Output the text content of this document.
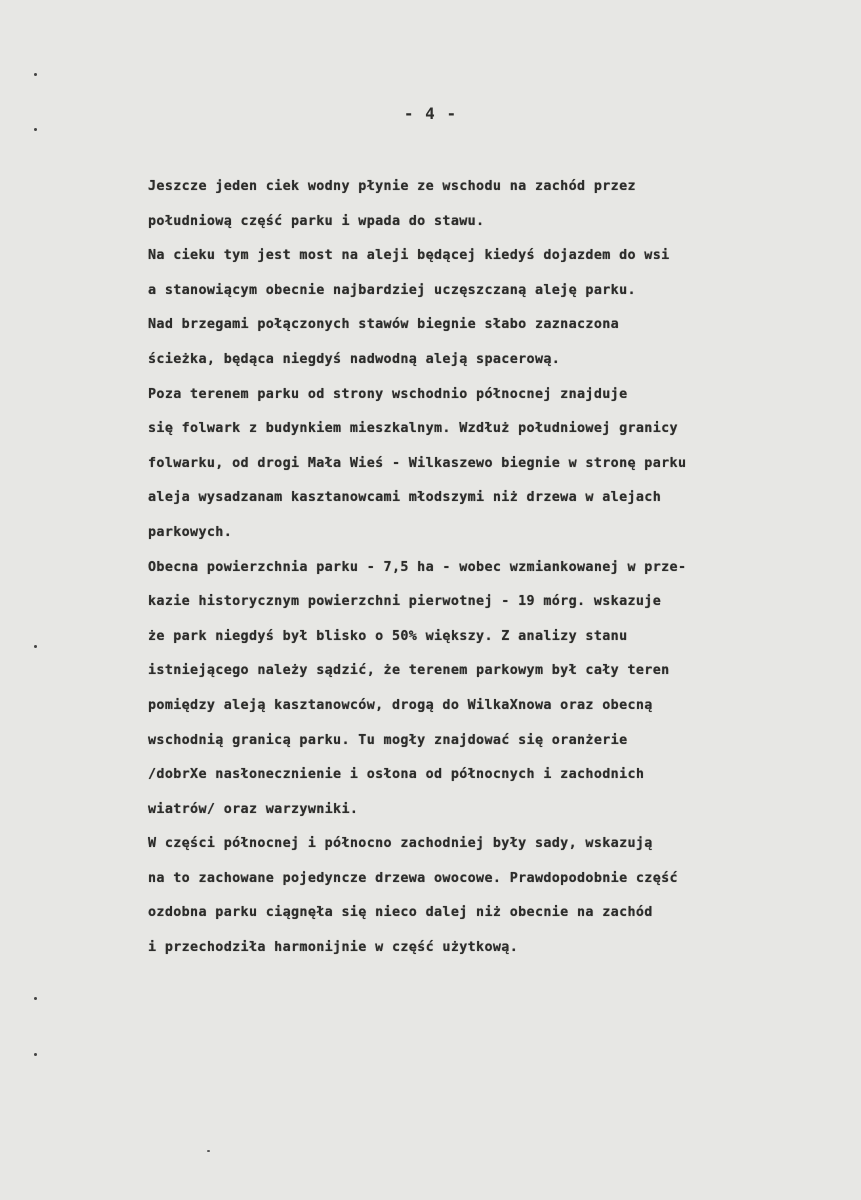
- 4 -
Jeszcze jeden ciek wodny płynie ze wschodu na zachód przez
południową część parku i wpada do stawu.
Na cieku tym jest most na aleji będącej kiedyś dojazdem do wsi
a stanowiącym obecnie najbardziej uczęszczaną aleję parku.
Nad brzegami połączonych stawów biegnie słabo zaznaczona
ścieżka, będąca niegdyś nadwodną aleją spacerową.
Poza terenem parku od strony wschodnio północnej znajduje
się folwark z budynkiem mieszkalnym. Wzdłuż południowej granicy
folwarku, od drogi Mała Wieś - Wilkaszewo biegnie w stronę parku
aleja wysadzanam kasztanowcami młodszymi niż drzewa w alejach
parkowych.
Obecna powierzchnia parku - 7,5 ha - wobec wzmiankowanej w prze-
kazie historycznym powierzchni pierwotnej - 19 mórg. wskazuje
że park niegdyś był blisko o 50% większy. Z analizy stanu
istniejącego należy sądzić, że terenem parkowym był cały teren
pomiędzy aleją kasztanowców, drogą do WilkaXnowa oraz obecną
wschodnią granicą parku. Tu mogły znajdować się oranżerie
/dobrXe nasłonecznienie i osłona od północnych i zachodnich
wiatrów/ oraz warzywniki.
W części północnej i północno zachodniej były sady, wskazują
na to zachowane pojedyncze drzewa owocowe. Prawdopodobnie część
ozdobna parku ciągnęła się nieco dalej niż obecnie na zachód
i przechodziła harmonijnie w część użytkową.
